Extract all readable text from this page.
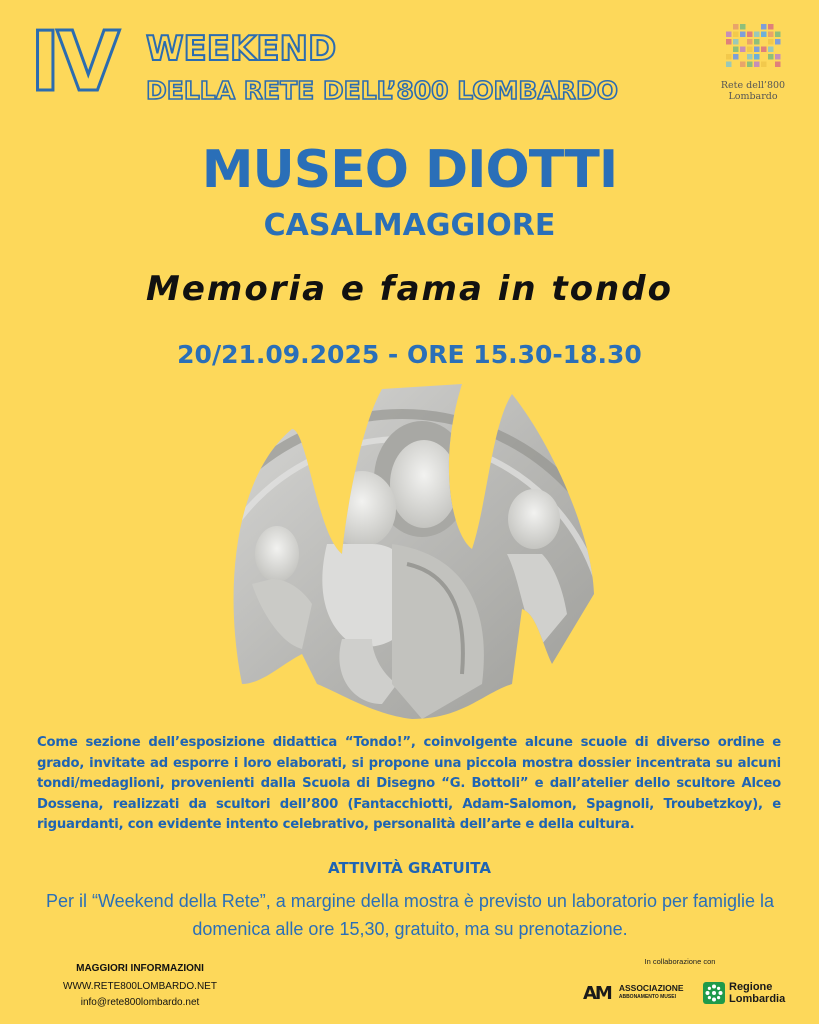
IV WEEKEND
DELLA RETE DELL’800 LOMBARDO	Rete dell’800
Lombardo
MUSEO DIOTTI
CASALMAGGIORE
Memoria e fama in tondo
20/21.09.2025 - ORE 15.30-18.30
Come sezione dell’esposizione didattica “Tondo!”, coinvolgente alcune scuole di diverso ordine e grado, invitate ad esporre i loro elaborati, si propone una piccola mostra dossier incentrata su alcuni tondi/medaglioni, provenienti dalla Scuola di Disegno “G. Bottoli” e dall’atelier dello scultore Alceo Dossena, realizzati da scultori dell’800 (Fantacchiotti, Adam-Salomon, Spagnoli, Troubetzkoy), e riguardanti, con evidente intento celebrativo, personalità dell’arte e della cultura.
ATTIVITÀ GRATUITA
Per il “Weekend della Rete”, a margine della mostra è previsto un laboratorio per famiglie la domenica alle ore 15,30, gratuito, ma su prenotazione.
MAGGIORI INFORMAZIONI
WWW.RETE800LOMBARDO.NET
info@rete800lombardo.net
In collaborazione con
AM ASSOCIAZIONE
ABBONAMENTO MUSEI
Regione
Lombardia
